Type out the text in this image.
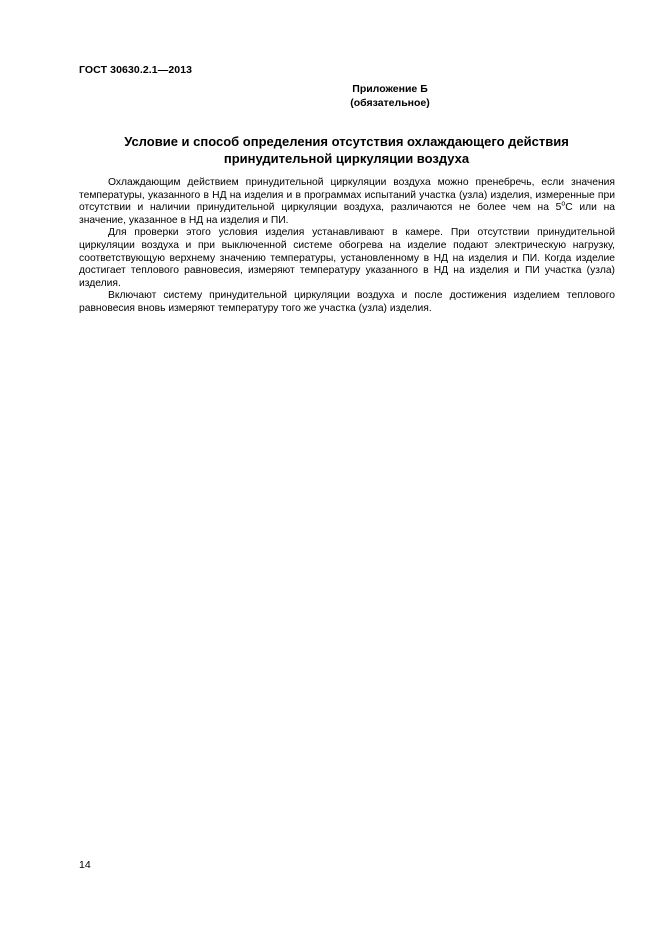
ГОСТ 30630.2.1—2013
Приложение Б
(обязательное)
Условие и способ определения отсутствия охлаждающего действия
принудительной циркуляции воздуха

Охлаждающим действием принудительной циркуляции воздуха можно пренебречь, если значения температуры, указанного в НД на изделия и в программах испытаний участка (узла) изделия, измеренные при отсутствии и наличии принудительной циркуляции воздуха, различаются не более чем на $5^оС$ или на значение, указанное в НД на изделия и ПИ.

Для проверки этого условия изделия устанавливают в камере. При отсутствии принудительной циркуляции воздуха и при выключенной системе обогрева на изделие подают электрическую нагрузку, соответствующую верхнему значению температуры, установленному в НД на изделия и ПИ. Когда изделие достигает теплового равновесия, измеряют температуру указанного в НД на изделия и ПИ участка (узла) изделия.

Включают систему принудительной циркуляции воздуха и после достижения изделием теплового равновесия вновь измеряют температуру того же участка (узла) изделия.

14
